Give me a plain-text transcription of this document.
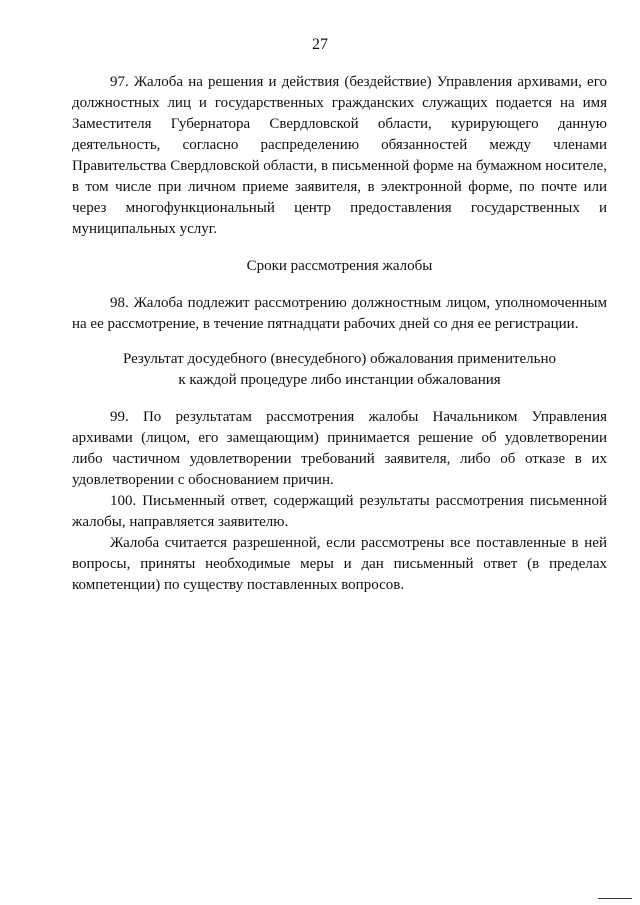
27

97. Жалоба на решения и действия (бездействие) Управления архивами, его должностных лиц и государственных гражданских служащих подается на имя Заместителя Губернатора Свердловской области, курирующего данную деятельность, согласно распределению обязанностей между членами Правительства Свердловской области, в письменной форме на бумажном носителе, в том числе при личном приеме заявителя, в электронной форме, по почте или через многофункциональный центр предоставления государственных и муниципальных услуг.

Сроки рассмотрения жалобы

98. Жалоба подлежит рассмотрению должностным лицом, уполномоченным на ее рассмотрение, в течение пятнадцати рабочих дней со дня ее регистрации.

Результат досудебного (внесудебного) обжалования применительно

к каждой процедуре либо инстанции обжалования

99. По результатам рассмотрения жалобы Начальником Управления архивами (лицом, его замещающим) принимается решение об удовлетворении либо частичном удовлетворении требований заявителя, либо об отказе в их удовлетворении с обоснованием причин.

100. Письменный ответ, содержащий результаты рассмотрения письменной жалобы, направляется заявителю.

Жалоба считается разрешенной, если рассмотрены все поставленные в ней вопросы, приняты необходимые меры и дан письменный ответ (в пределах компетенции) по существу поставленных вопросов.
